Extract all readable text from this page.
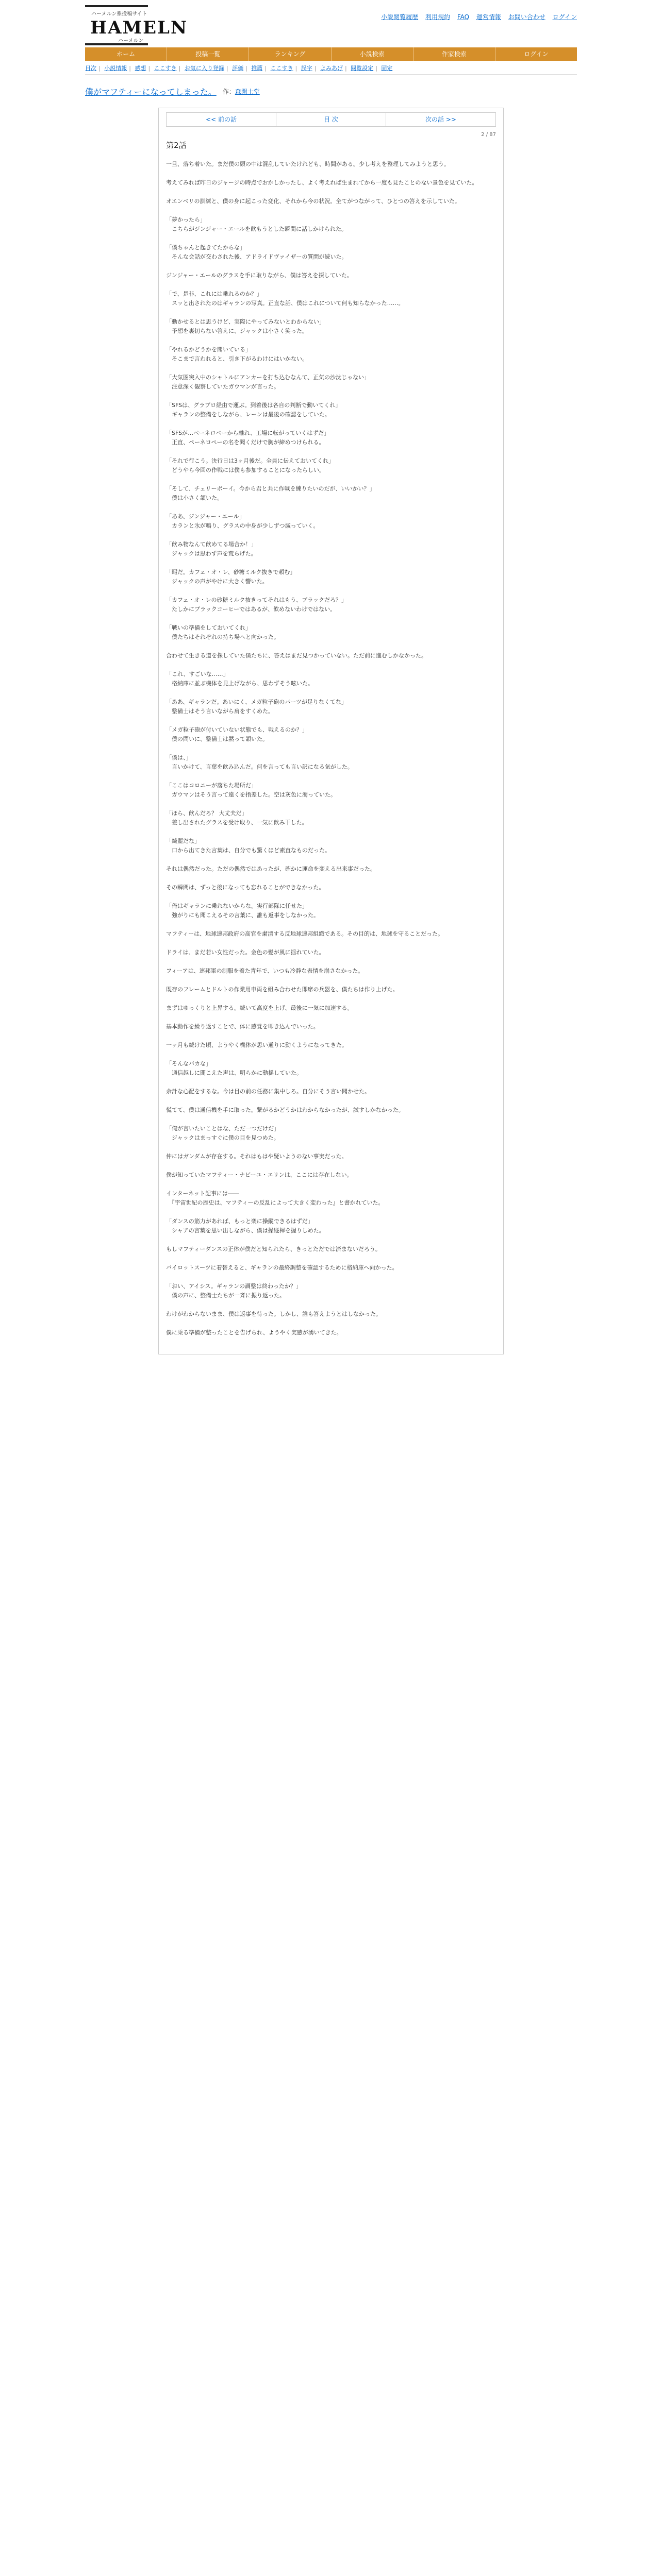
ハーメルン系投稿サイト
HAMELN
ハーメルン
小説閲覧履歴 利用規約 FAQ 運営情報 お問い合わせ ログイン
ホーム	投稿一覧	ランキング	小説検索	作家検索	ログイン
目次 | 小説情報 | 感想 | ここすき | お気に入り登録 | 評価 | 推薦 | ここすき | 誤字 | よみあげ | 閲覧設定 | 固定
僕がマフティーになってしまった。 作： 森閑士堂
<< 前の話	目 次	次の話 >>
2 / 87
第2話

一旦、落ち着いた。まだ僕の頭の中は混乱していたけれども、時間がある。少し考えを整理してみようと思う。

考えてみれば昨日のジャージの時点でおかしかったし、よく考えれば生まれてから一度も見たことのない景色を見ていた。

オエンベリの訓練と、僕の身に起こった変化、それから今の状況。全てがつながって、ひとつの答えを示していた。

「夢かったら」
　こちらがジンジャー・エールを飲もうとした瞬間に話しかけられた。

「僕ちゃんと起きてたからな」
　そんな会話が交わされた後、アドライドヴァイザーの質問が続いた。

ジンジャー・エールのグラスを手に取りながら、僕は答えを探していた。

「で、是非、これには乗れるのか？」
　スッと出されたのはギャランの写真。正直な話、僕はこれについて何も知らなかった……。

「動かせるとは思うけど、実際にやってみないとわからない」
　予想を裏切らない答えに、ジャックは小さく笑った。

「やれるかどうかを聞いている」
　そこまで言われると、引き下がるわけにはいかない。

「大気圏突入中のシャトルにアンカーを打ち込むなんて、正気の沙汰じゃない」
　注意深く観察していたガウマンが言った。

「SFSは、グラブロ経由で運ぶ。到着後は各自の判断で動いてくれ」
　ギャランの整備をしながら、レーンは最後の確認をしていた。

「SFSが…ペーネロペーから離れ、工場に転がっていくはずだ」
　正直、ペーネロペーの名を聞くだけで胸が締めつけられる。

「それで行こう。決行日は3ヶ月後だ。全員に伝えておいてくれ」
　どうやら今回の作戦には僕も参加することになったらしい。

「そして、チェリーボーイ。今から君と共に作戦を練りたいのだが、いいかい？」
　僕は小さく頷いた。

「ああ、ジンジャー・エール」
　カランと氷が鳴り、グラスの中身が少しずつ減っていく。

「飲み物なんて飲めてる場合か！」
　ジャックは思わず声を荒らげた。

「暇だ。カフェ・オ・レ、砂糖ミルク抜きで頼む」
　ジャックの声がやけに大きく響いた。

「カフェ・オ・レの砂糖ミルク抜きってそれはもう、ブラックだろ？」
　たしかにブラックコーヒーではあるが、飲めないわけではない。

「戦いの準備をしておいてくれ」
　僕たちはそれぞれの持ち場へと向かった。

合わせて生きる道を探していた僕たちに、答えはまだ見つかっていない。ただ前に進むしかなかった。

「これ、すごいな……」
　格納庫に並ぶ機体を見上げながら、思わずそう呟いた。

「ああ、ギャランだ。あいにく、メガ粒子砲のパーツが足りなくてな」
　整備士はそう言いながら肩をすくめた。

「メガ粒子砲が付いていない状態でも、戦えるのか？」
　僕の問いに、整備士は黙って頷いた。

「僕は、」
　言いかけて、言葉を飲み込んだ。何を言っても言い訳になる気がした。

「ここはコロニーが落ちた場所だ」
　ガウマンはそう言って遠くを指差した。空は灰色に濁っていた。

「ほら、飲んだろ？ 大丈夫だ」
　差し出されたグラスを受け取り、一気に飲み干した。

「綺麗だな」
　口から出てきた言葉は、自分でも驚くほど素直なものだった。

それは偶然だった。ただの偶然ではあったが、確かに運命を変える出来事だった。

その瞬間は、ずっと後になっても忘れることができなかった。

「俺はギャランに乗れないからな。実行部隊に任せた」
　強がりにも聞こえるその言葉に、誰も返事をしなかった。

マフティーは、地球連邦政府の高官を粛清する反地球連邦組織である。その目的は、地球を守ることだった。

ドライは、まだ若い女性だった。金色の髪が風に揺れていた。

フィーアは、連邦軍の制服を着た青年で、いつも冷静な表情を崩さなかった。

既存のフレームとドルトの作業用車両を組み合わせた即席の兵器を、僕たちは作り上げた。

まずはゆっくりと上昇する。続いて高度を上げ、最後に一気に加速する。

基本動作を繰り返すことで、体に感覚を叩き込んでいった。

一ヶ月も続けた頃、ようやく機体が思い通りに動くようになってきた。

「そんなバカな」
　通信越しに聞こえた声は、明らかに動揺していた。

余計な心配をするな。今は目の前の任務に集中しろ。自分にそう言い聞かせた。

慌てて、僕は通信機を手に取った。繋がるかどうかはわからなかったが、試すしかなかった。

「俺が言いたいことはな、ただ一つだけだ」
　ジャックはまっすぐに僕の目を見つめた。

仲にはガンダムが存在する。それはもはや疑いようのない事実だった。

僕が知っていたマフティー・ナビーユ・エリンは、ここには存在しない。

インターネット記事には――
　『宇宙世紀の歴史は、マフティーの反乱によって大きく変わった』と書かれていた。

「ダンスの筋力があれば、もっと楽に操縦できるはずだ」
　シャアの言葉を思い出しながら、僕は操縦桿を握りしめた。

もしマフティーダンスの正体が僕だと知られたら、きっとただでは済まないだろう。

バイロットスーツに着替えると、ギャランの最終調整を確認するために格納庫へ向かった。

「おい、アイシス。ギャランの調整は終わったか？」
　僕の声に、整備士たちが一斉に振り返った。

わけがわからないまま、僕は返事を待った。しかし、誰も答えようとはしなかった。

僕に乗る準備が整ったことを告げられ、ようやく実感が湧いてきた。
